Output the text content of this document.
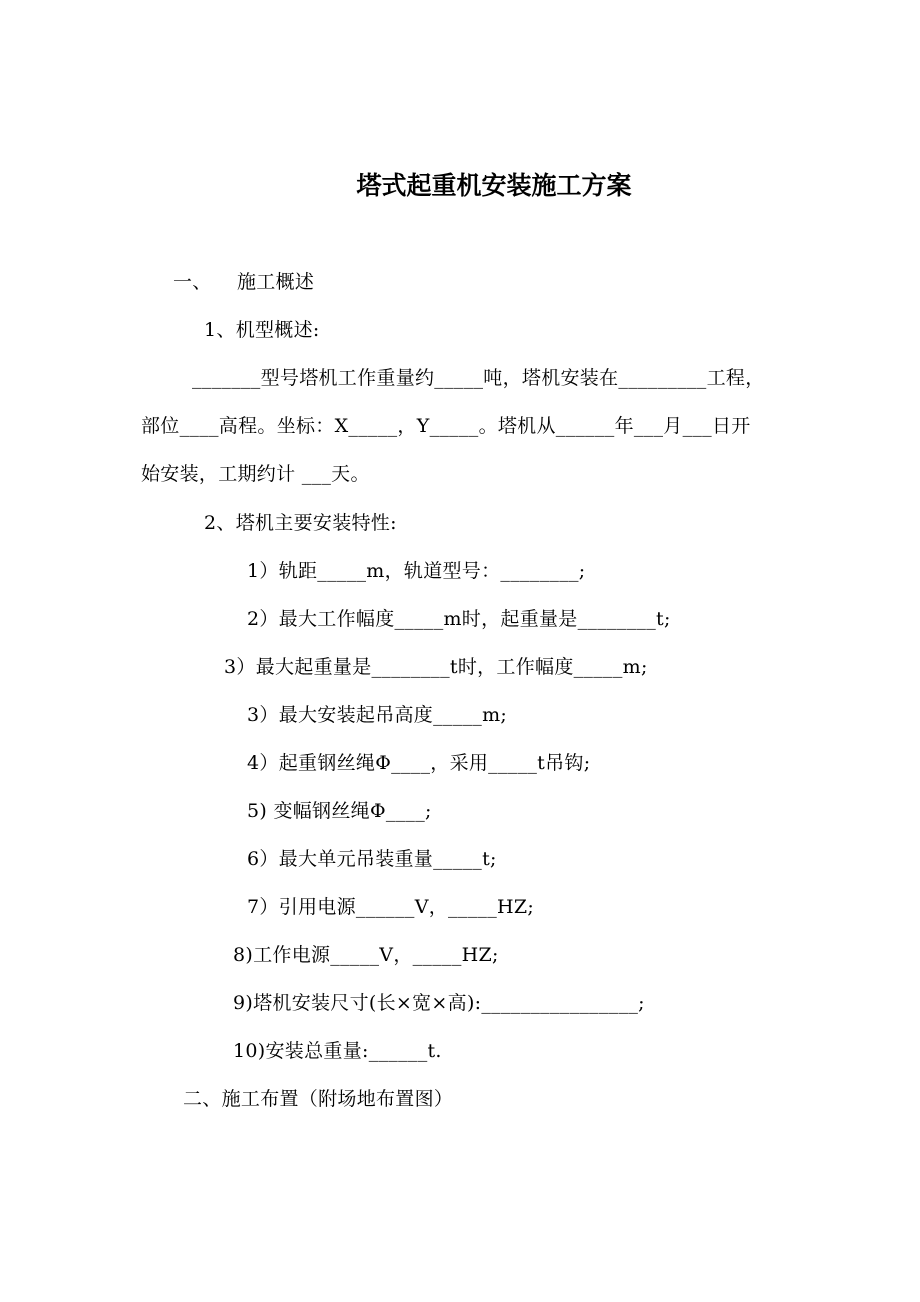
塔式起重机安装施工方案
一、 施工概述
1、机型概述:
_______型号塔机工作重量约_____吨，塔机安装在_________工程，
部位____高程。坐标：X_____，Y_____。塔机从______年___月___日开
始安装，工期约计 ___天。
2、塔机主要安装特性:
1）轨距_____m，轨道型号：________;
2）最大工作幅度_____m时，起重量是________t;
3）最大起重量是________t时，工作幅度_____m;
3）最大安装起吊高度_____m;
4）起重钢丝绳Φ____，采用_____t吊钩;
5) 变幅钢丝绳Φ____;
6）最大单元吊装重量_____t;
7）引用电源______V，_____HZ;
8)工作电源_____V，_____HZ;
9)塔机安装尺寸(长×宽×高):________________;
10)安装总重量:______t.
二、施工布置（附场地布置图）
